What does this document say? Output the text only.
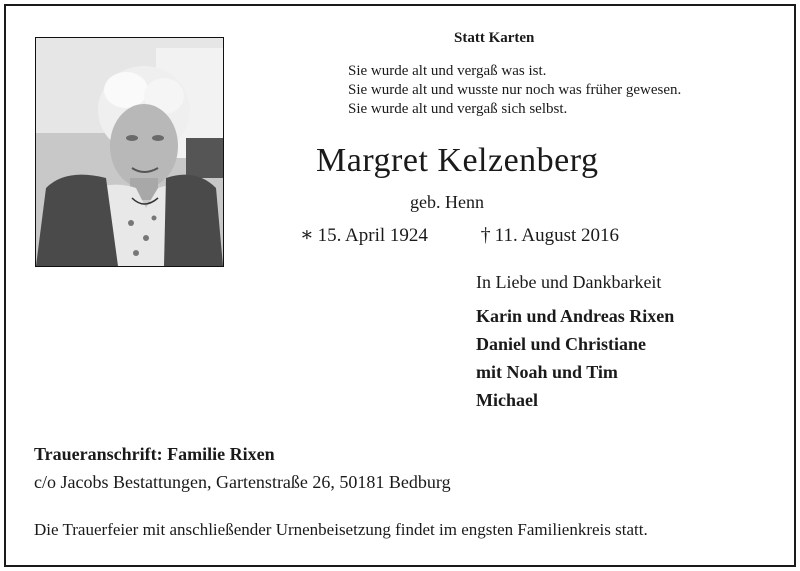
Statt Karten
Sie wurde alt und vergaß was ist.
Sie wurde alt und wusste nur noch was früher gewesen.
Sie wurde alt und vergaß sich selbst.
Margret Kelzenberg
geb. Henn
∗ 15. April 1924	† 11. August 2016
In Liebe und Dankbarkeit
Karin und Andreas Rixen
Daniel und Christiane
mit Noah und Tim
Michael
Traueranschrift: Familie Rixen
c/o Jacobs Bestattungen, Gartenstraße 26, 50181 Bedburg
Die Trauerfeier mit anschließender Urnenbeisetzung findet im engsten Familienkreis statt.
